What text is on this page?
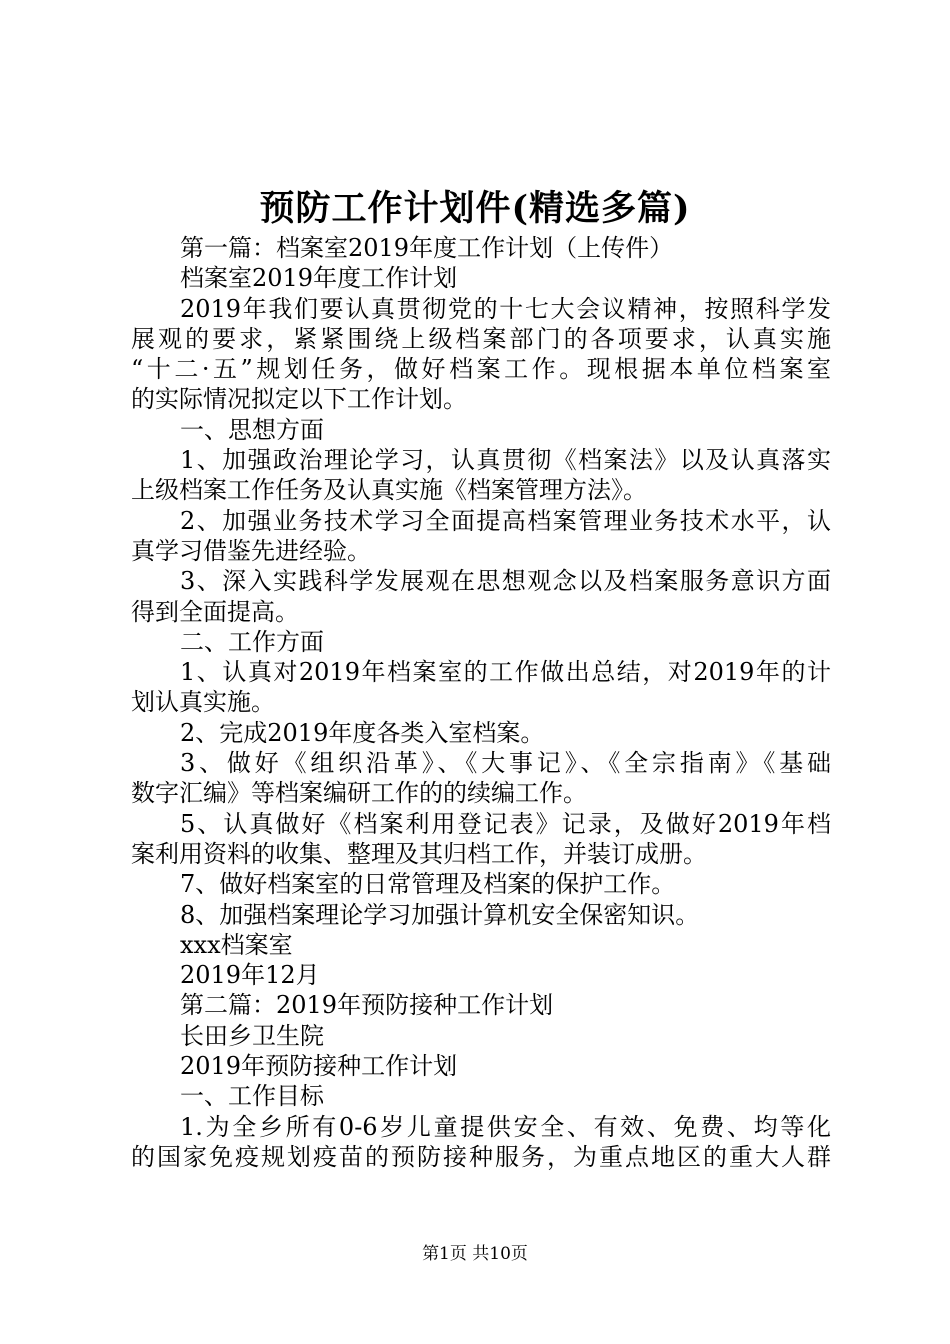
预防工作计划件(精选多篇)
第一篇：档案室2019年度工作计划（上传件）
档案室2019年度工作计划
2019年我们要认真贯彻党的十七大会议精神，按照科学发
展观的要求，紧紧围绕上级档案部门的各项要求，认真实施
“十二·五”规划任务，做好档案工作。现根据本单位档案室
的实际情况拟定以下工作计划。
一、思想方面
1、加强政治理论学习，认真贯彻《档案法》以及认真落实
上级档案工作任务及认真实施《档案管理方法》。
2、加强业务技术学习全面提高档案管理业务技术水平，认
真学习借鉴先进经验。
3、深入实践科学发展观在思想观念以及档案服务意识方面
得到全面提高。
二、工作方面
1、认真对2019年档案室的工作做出总结，对2019年的计
划认真实施。
2、完成2019年度各类入室档案。
3、做好《组织沿革》、《大事记》、《全宗指南》《基础
数字汇编》等档案编研工作的的续编工作。
5、认真做好《档案利用登记表》记录，及做好2019年档
案利用资料的收集、整理及其归档工作，并装订成册。
7、做好档案室的日常管理及档案的保护工作。
8、加强档案理论学习加强计算机安全保密知识。
xxx档案室
2019年12月
第二篇：2019年预防接种工作计划
长田乡卫生院
2019年预防接种工作计划
一、工作目标
1.为全乡所有0-6岁儿童提供安全、有效、免费、均等化
的国家免疫规划疫苗的预防接种服务，为重点地区的重大人群
第1页 共10页
